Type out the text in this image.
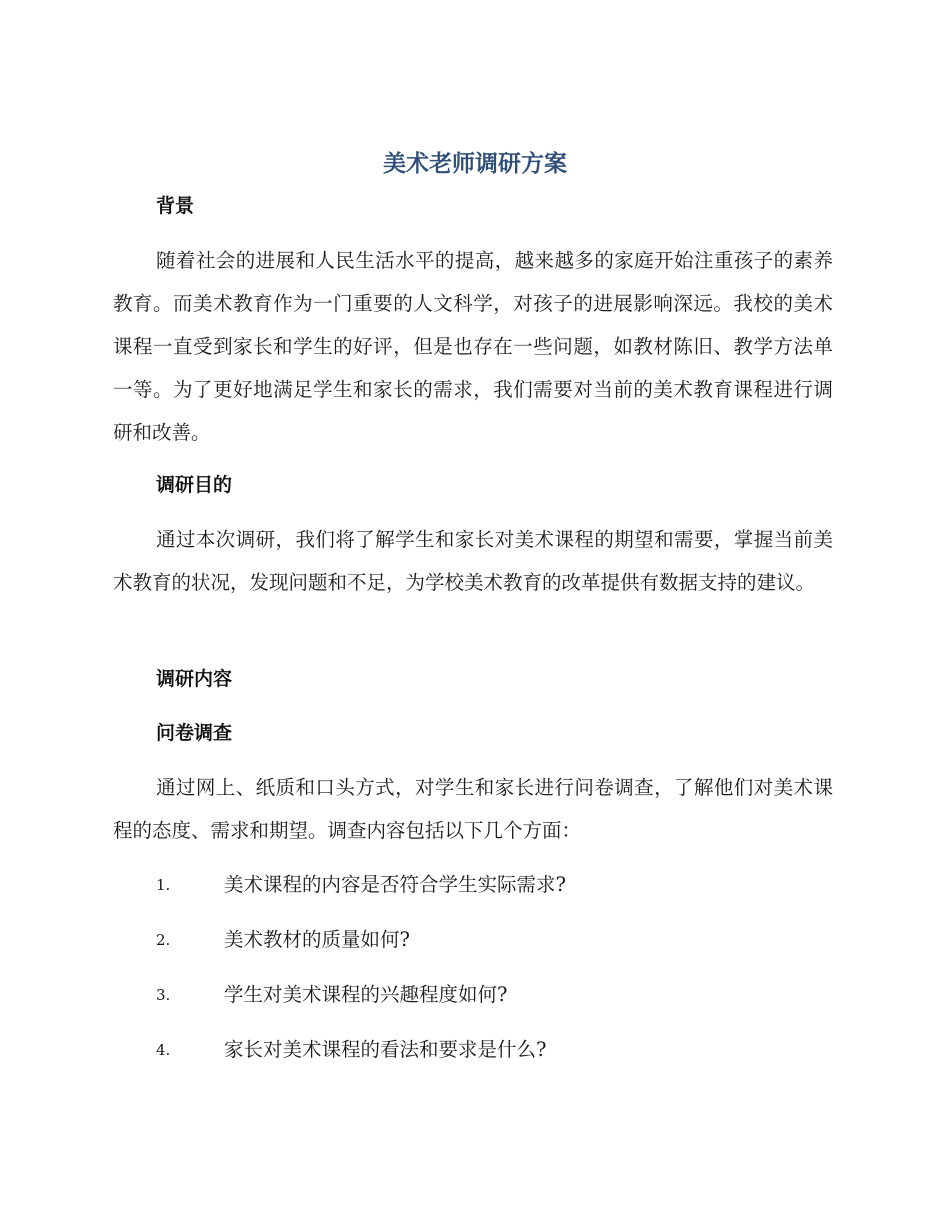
美术老师调研方案
背景
随着社会的进展和人民生活水平的提高，越来越多的家庭开始注重孩子的素养教育。而美术教育作为一门重要的人文科学，对孩子的进展影响深远。我校的美术课程一直受到家长和学生的好评，但是也存在一些问题，如教材陈旧、教学方法单一等。为了更好地满足学生和家长的需求，我们需要对当前的美术教育课程进行调研和改善。
调研目的
通过本次调研，我们将了解学生和家长对美术课程的期望和需要，掌握当前美术教育的状况，发现问题和不足，为学校美术教育的改革提供有数据支持的建议。
调研内容
问卷调查
通过网上、纸质和口头方式，对学生和家长进行问卷调查，了解他们对美术课程的态度、需求和期望。调查内容包括以下几个方面：
1.	美术课程的内容是否符合学生实际需求?
2.	美术教材的质量如何?
3.	学生对美术课程的兴趣程度如何?
4.	家长对美术课程的看法和要求是什么?
